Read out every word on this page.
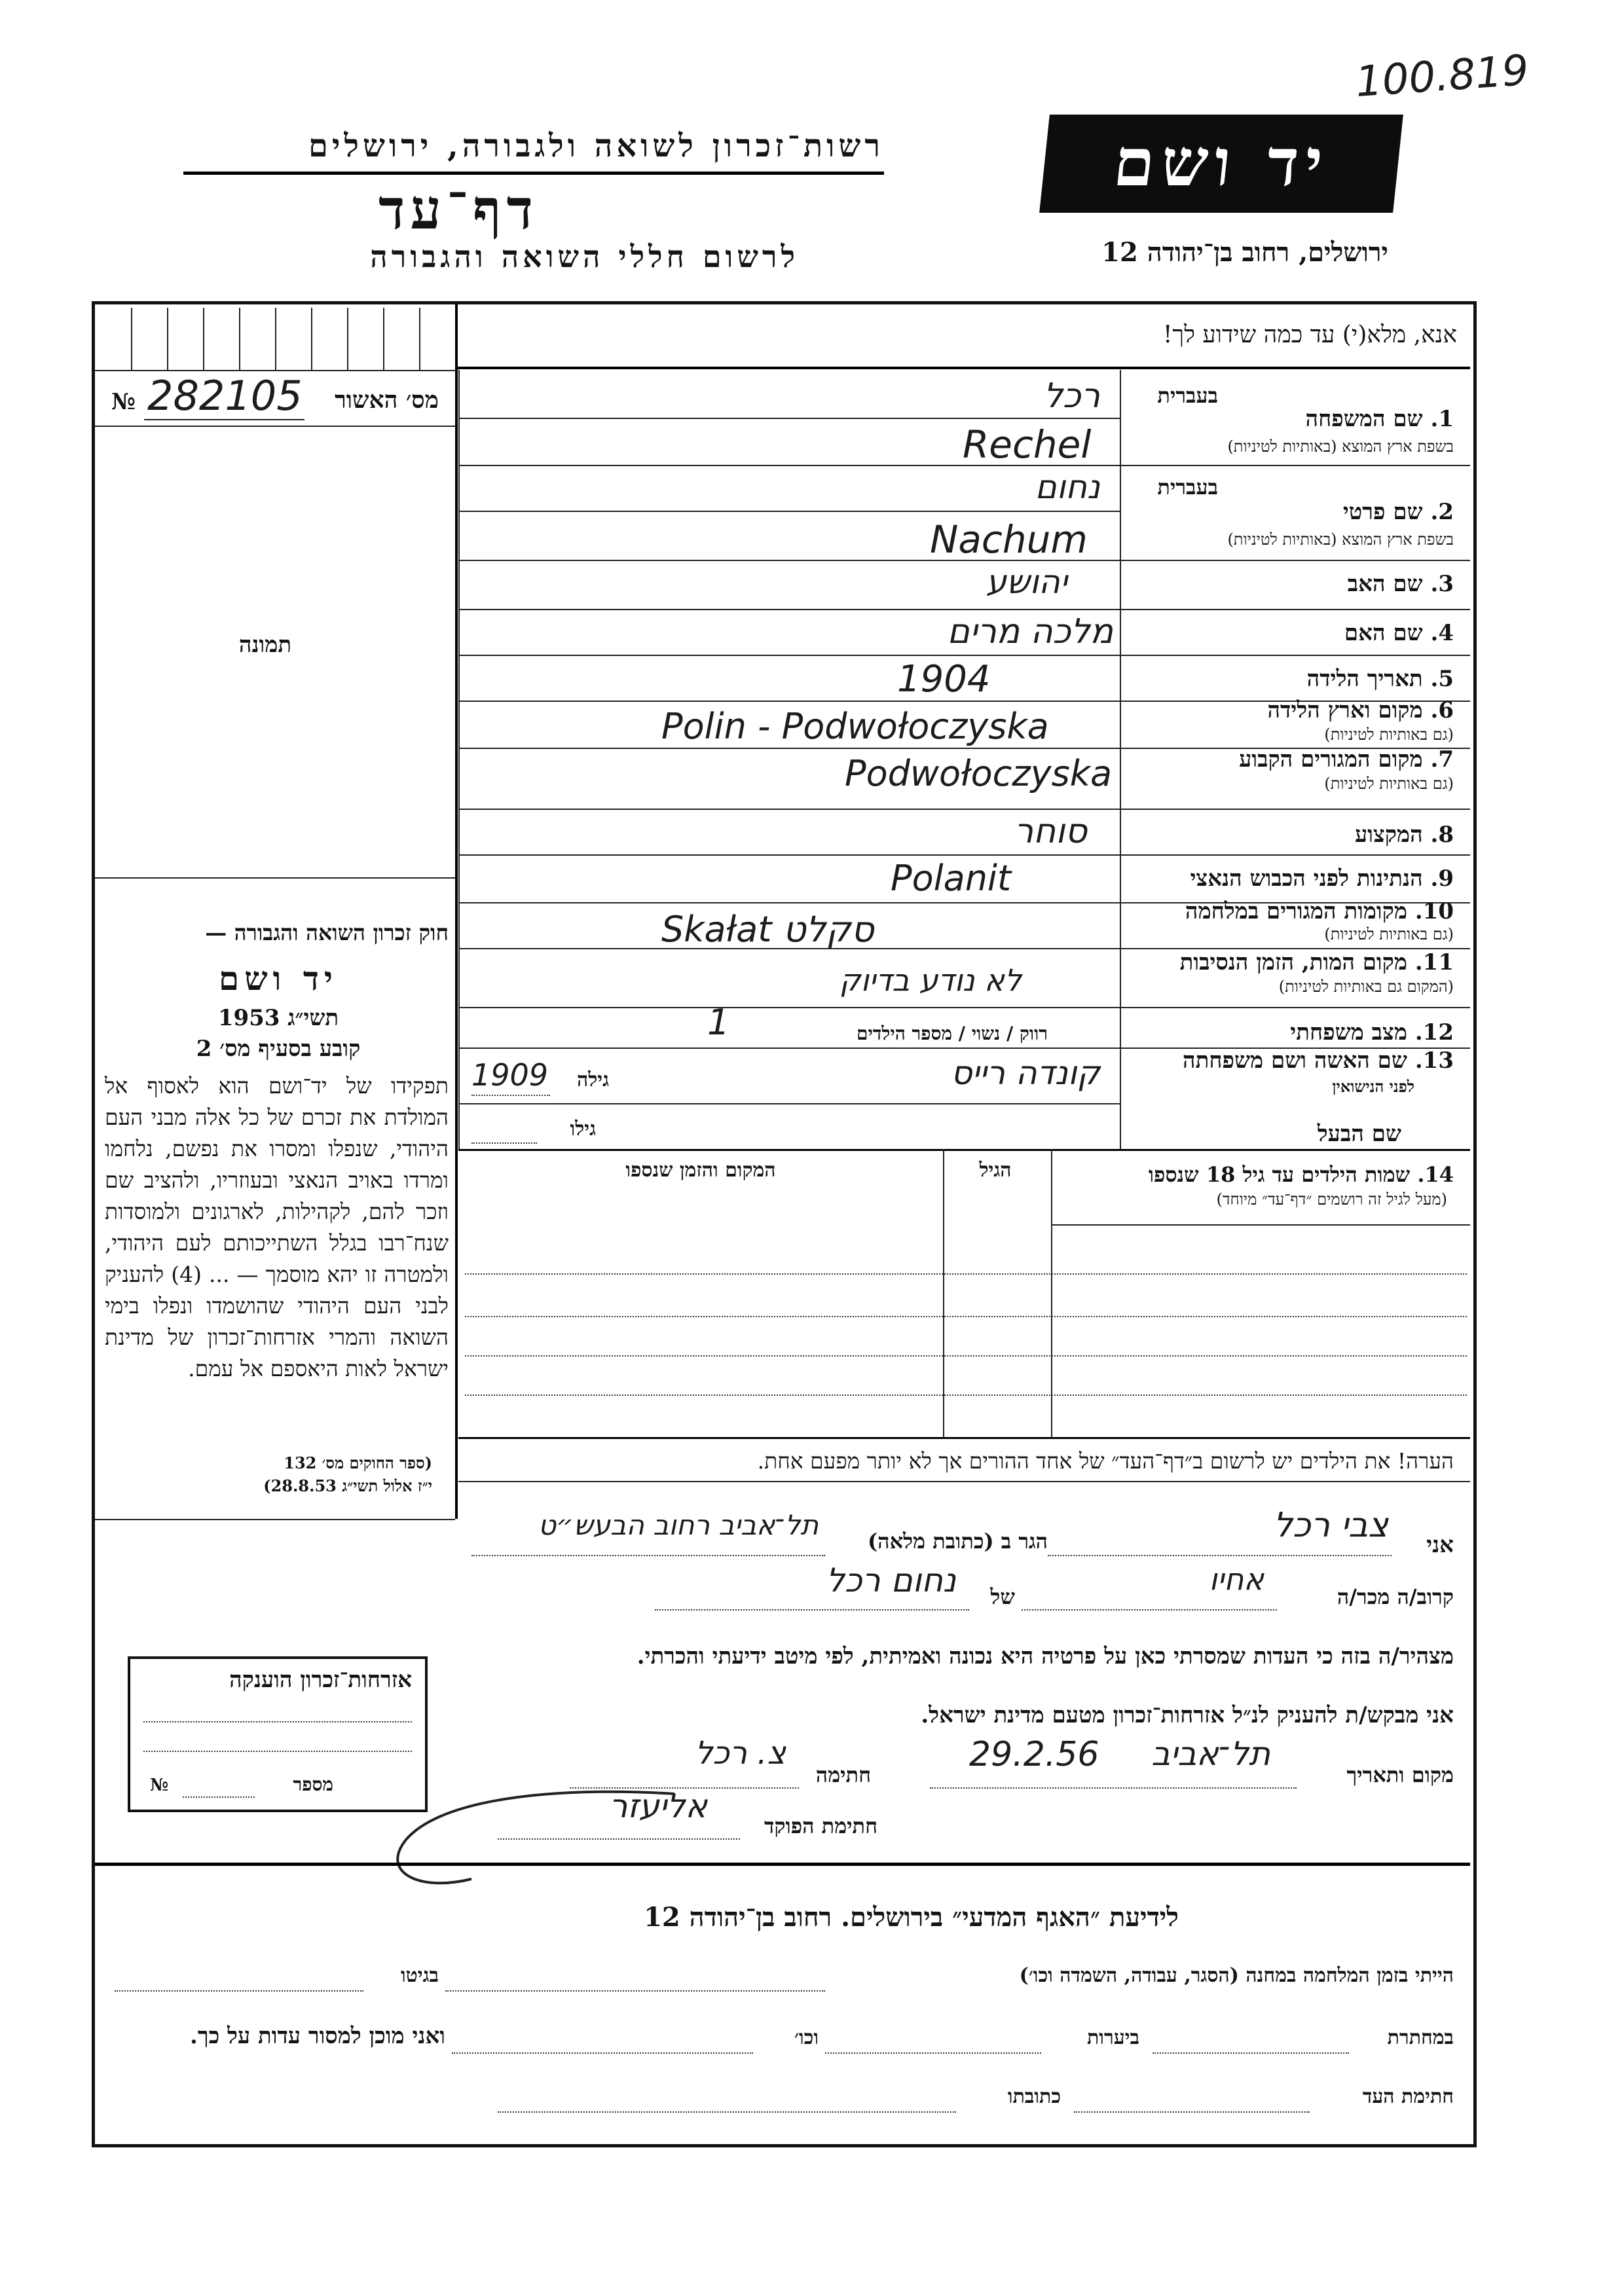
100.819
רשות־זכרון לשואה ולגבורה, ירושלים
דף־עד
לרשום חללי השואה והגבורה
יד ושם
ירושלים, רחוב בן־יהודה 12
מס׳ האשור
№ 282105
תמונה
חוק זכרון השואה והגבורה —
יד ושם
תשי״ג 1953
קובע בסעיף מס׳ 2
תפקידו של יד־ושם הוא לאסוף אל המולדת את זכרם של כל אלה מבני העם היהודי, שנפלו ומסרו את נפשם, נלחמו ומרדו באויב הנאצי ובעוזריו, ולהציב שם וזכר להם, לקהילות, לארגונים ולמוסדות שנח־רבו בגלל השתייכותם לעם היהודי, ולמטרה זו יהא מוסמך — ... (4) להעניק לבני העם היהודי שהושמדו ונפלו בימי השואה והמרי אזרחות־זכרון של מדינת ישראל לאות היאספם אל עמם.
(ספר החוקים מס׳ 132
י״ז אלול תשי״ג 28.8.53)
אזרחות־זכרון הוענקה
מספר
№
אנא, מלא(י) עד כמה שידוע לך!
בעברית
1. שם המשפחה
בשפת ארץ המוצא (באותיות לטיניות)
רכל
Rechel
בעברית
2. שם פרטי
בשפת ארץ המוצא (באותיות לטיניות)
נחום
Nachum
3. שם האב
יהושע
4. שם האם
מלכה מרים
5. תאריך הלידה
1904
6. מקום וארץ הלידה
(גם באותיות לטיניות)
Polin - Podwołoczyska
7. מקום המגורים הקבוע
(גם באותיות לטיניות)
Podwołoczyska
8. המקצוע
סוחר
9. הנתינות לפני הכבוש הנאצי
Polanit
10. מקומות המגורים במלחמה
(גם באותיות לטיניות)
Skałat סקלט
11. מקום המות, הזמן הנסיבות
(המקום גם באותיות לטיניות)
לא נודע בדיוק
12. מצב משפחתי
רווק / נשוי / מספר הילדים
1
13. שם האשה ושם משפחתה
לפני הנישואין
קונדה רייס
גילה
1909
שם הבעל
גילו
14. שמות הילדים עד גיל 18 שנספו
(מעל לגיל זה רושמים ״דף־עד״ מיוחד)
הגיל
המקום והזמן שנספו
הערה! את הילדים יש לרשום ב״דף־העד״ של אחד ההורים אך לא יותר מפעם אחת.
אני
צבי רכל
הגר ב (כתובת מלאה)
תל־אביב רחוב הבעש״ט
קרוב/ה מכר/ה
אחיו
של
נחום רכל
מצהיר/ה בזה כי העדות שמסרתי כאן על פרטיה היא נכונה ואמיתית, לפי מיטב ידיעתי והכרתי.
אני מבקש/ת להעניק לנ״ל אזרחות־זכרון מטעם מדינת ישראל.
מקום ותאריך
תל־אביב
29.2.56
חתימה
צ. רכל
חתימת הפוקד
אליעזר
לידיעת ״האגף המדעי״ בירושלים. רחוב בן־יהודה 12
הייתי בזמן המלחמה במחנה (הסגר, עבודה, השמדה וכו׳)
בגיטו
במחתרת
ביערות
וכו׳
ואני מוכן למסור עדות על כך.
חתימת העד
כתובתו
